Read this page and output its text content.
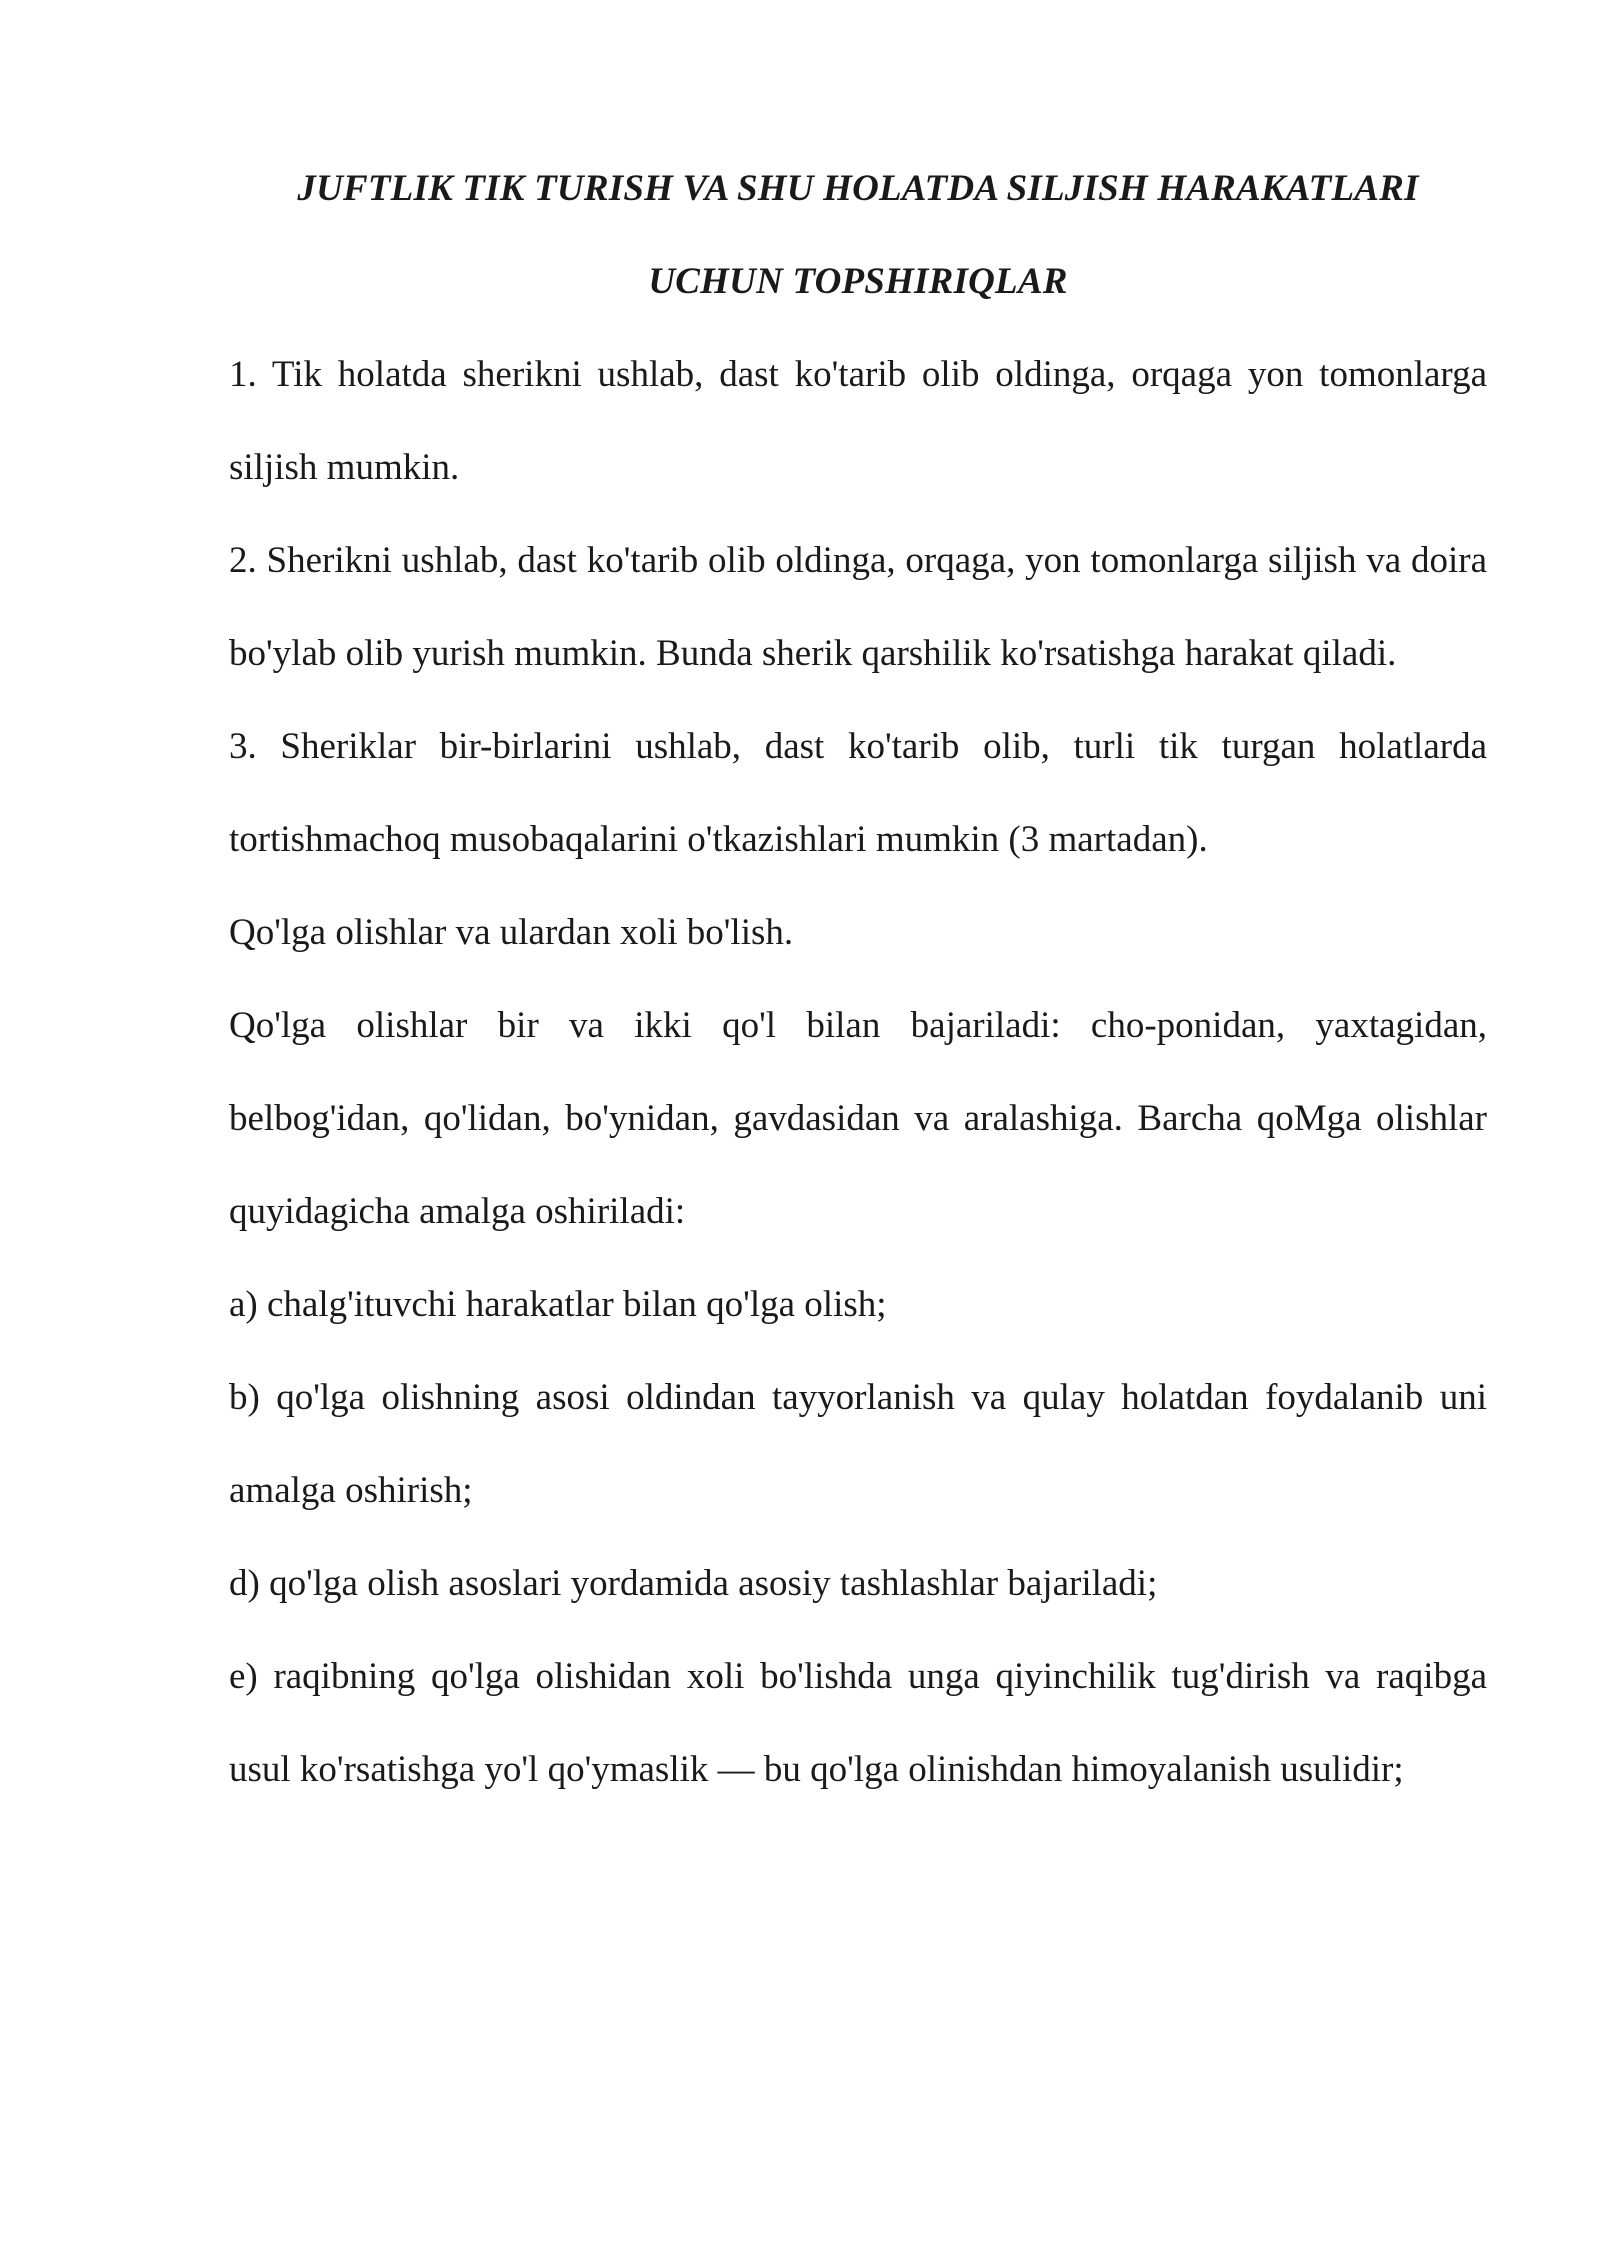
JUFTLIK TIK TURISH VA SHU HOLATDA SILJISH HARAKATLARI
UCHUN TOPSHIRIQLAR

1. Tik holatda sherikni ushlab, dast ko'tarib olib oldinga, orqaga yon tomonlarga siljish mumkin.

2. Sherikni ushlab, dast ko'tarib olib oldinga, orqaga, yon tomonlarga siljish va doira bo'ylab olib yurish mumkin. Bunda sherik qarshilik ko'rsatishga harakat qiladi.

3. Sheriklar bir-birlarini ushlab, dast ko'tarib olib, turli tik turgan holatlarda tortishmachoq musobaqalarini o'tkazishlari mumkin (3 martadan).

Qo'lga olishlar va ulardan xoli bo'lish.

Qo'lga olishlar bir va ikki qo'l bilan bajariladi: cho-ponidan, yaxtagidan, belbog'idan, qo'lidan, bo'ynidan, gavdasidan va aralashiga. Barcha qoMga olishlar quyidagicha amalga oshiriladi:

a) chalg'ituvchi harakatlar bilan qo'lga olish;

b) qo'lga olishning asosi oldindan tayyorlanish va qulay holatdan foydalanib uni amalga oshirish;

d) qo'lga olish asoslari yordamida asosiy tashlashlar bajariladi;

e) raqibning qo'lga olishidan xoli bo'lishda unga qiyinchilik tug'dirish va raqibga usul ko'rsatishga yo'l qo'ymaslik — bu qo'lga olinishdan himoyalanish usulidir;
